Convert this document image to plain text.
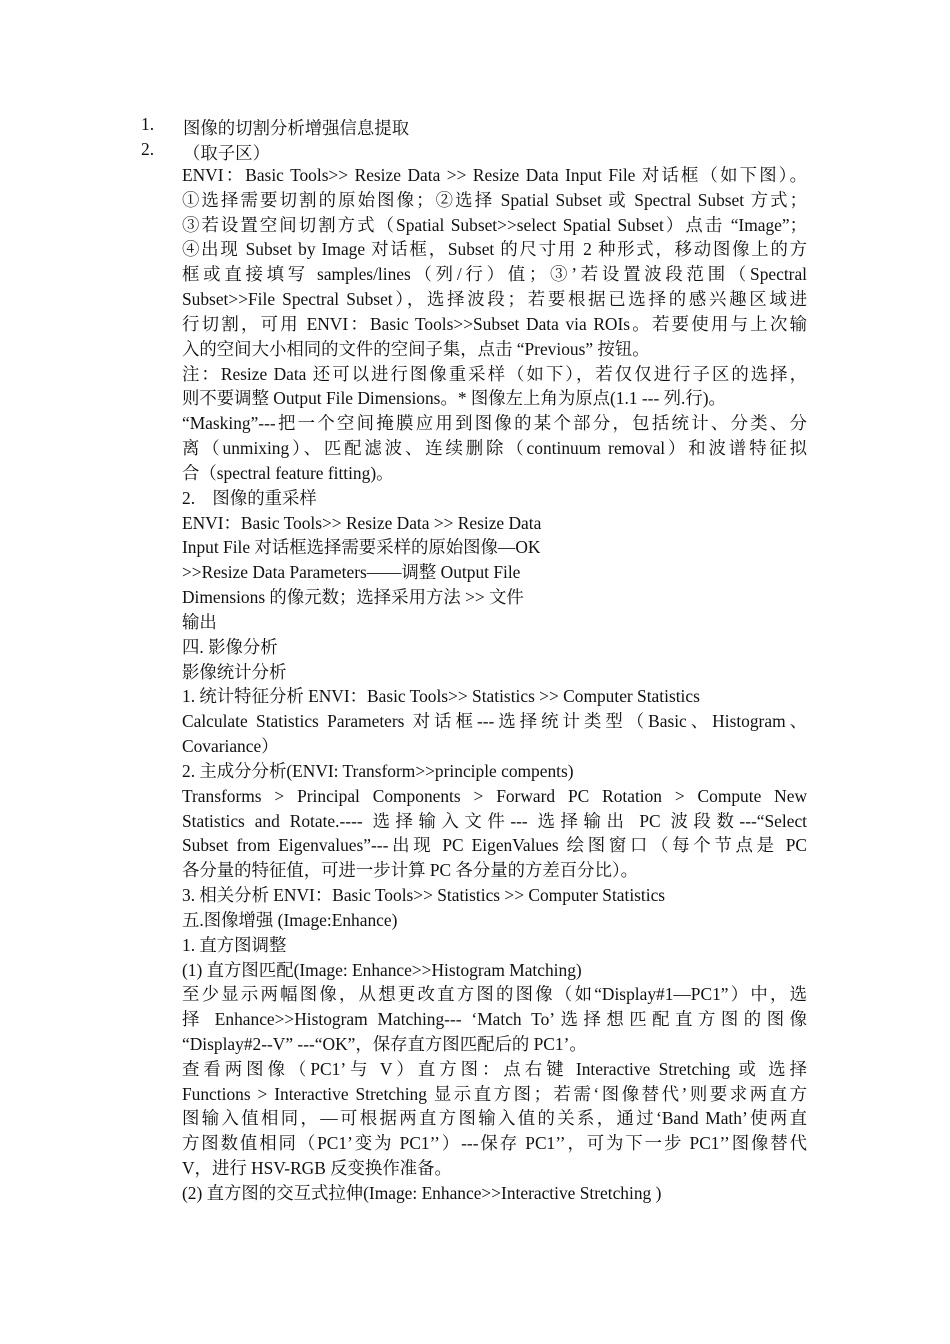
1. 图像的切割分析增强信息提取
2. （取子区）
ENVI：Basic Tools>> Resize Data >> Resize Data Input File 对话框（如下图）。
①选择需要切割的原始图像；②选择 Spatial Subset 或 Spectral Subset 方式；
③若设置空间切割方式（Spatial Subset>>select Spatial Subset）点击 “Image”；
④出现 Subset by Image 对话框，Subset 的尺寸用 2 种形式，移动图像上的方
框或直接填写 samples/lines（列/行）值；③’若设置波段范围（Spectral
Subset>>File Spectral Subset），选择波段；若要根据已选择的感兴趣区域进
行切割，可用 ENVI：Basic Tools>>Subset Data via ROIs。若要使用与上次输
入的空间大小相同的文件的空间子集，点击 “Previous” 按钮。
注：Resize Data 还可以进行图像重采样（如下），若仅仅进行子区的选择，
则不要调整 Output File Dimensions。* 图像左上角为原点(1.1 --- 列.行)。
“Masking”---把一个空间掩膜应用到图像的某个部分，包括统计、分类、分
离（unmixing）、匹配滤波、连续删除（continuum removal）和波谱特征拟
合（spectral feature fitting)。
2.　图像的重采样
ENVI：Basic Tools>> Resize Data >> Resize Data
Input File 对话框选择需要采样的原始图像—OK
>>Resize Data Parameters——调整 Output File
Dimensions 的像元数；选择采用方法 >> 文件
输出
四. 影像分析
影像统计分析
1. 统计特征分析 ENVI：Basic Tools>> Statistics >> Computer Statistics
Calculate Statistics Parameters 对话框---选择统计类型（Basic、Histogram、
Covariance）
2. 主成分分析(ENVI: Transform>>principle compents)
Transforms > Principal Components > Forward PC Rotation > Compute New
Statistics and Rotate.---- 选择输入文件--- 选择输出 PC 波段数---“Select
Subset from Eigenvalues”---出现 PC EigenValues 绘图窗口（每个节点是 PC
各分量的特征值，可进一步计算 PC 各分量的方差百分比）。
3. 相关分析 ENVI：Basic Tools>> Statistics >> Computer Statistics
五.图像增强 (Image:Enhance)
1. 直方图调整
(1) 直方图匹配(Image: Enhance>>Histogram Matching)
至少显示两幅图像，从想更改直方图的图像（如“Display#1—PC1”）中，选
择 Enhance>>Histogram Matching--- ‘Match To’选择想匹配直方图的图像
“Display#2--V” ---“OK”，保存直方图匹配后的 PC1’。
查看两图像（PC1’与 V）直方图：点右键 Interactive Stretching 或 选择
Functions > Interactive Stretching 显示直方图；若需‘图像替代’则要求两直方
图输入值相同，—可根据两直方图输入值的关系，通过‘Band Math’使两直
方图数值相同（PC1’变为 PC1’’）---保存 PC1’’，可为下一步 PC1’’图像替代
V，进行 HSV-RGB 反变换作准备。
(2) 直方图的交互式拉伸(Image: Enhance>>Interactive Stretching )
